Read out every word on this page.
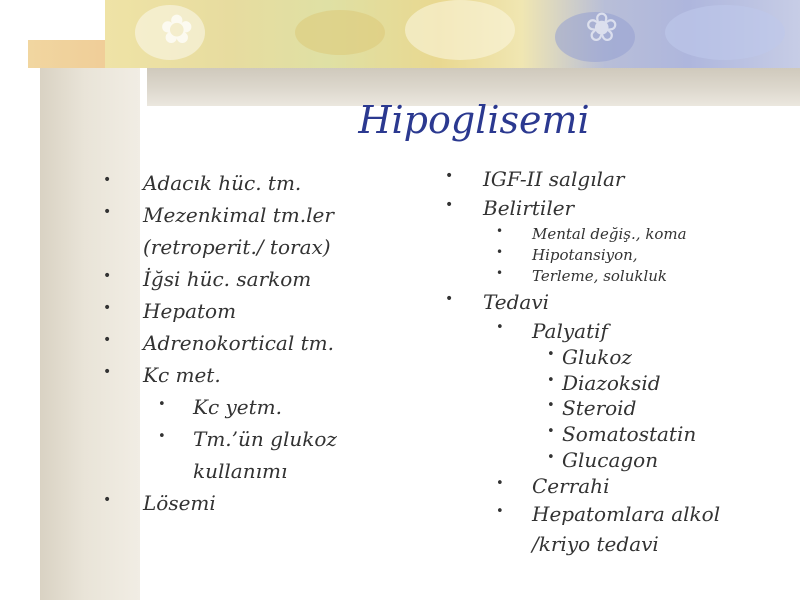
✿	❀
Hipoglisemi
• Adacık hüc. tm.
• Mezenkimal tm.ler
(retroperit./ torax)
• İğsi hüc. sarkom
• Hepatom
• Adrenokortical tm.
• Kc met.
• Kc yetm.
• Tm.’ün glukoz
kullanımı
• Lösemi
• IGF-II salgılar
• Belirtiler
• Mental değiş., koma
• Hipotansiyon,
• Terleme, solukluk
• Tedavi
• Palyatif
• Glukoz
• Diazoksid
• Steroid
• Somatostatin
• Glucagon
• Cerrahi
• Hepatomlara alkol
/kriyo tedavi
